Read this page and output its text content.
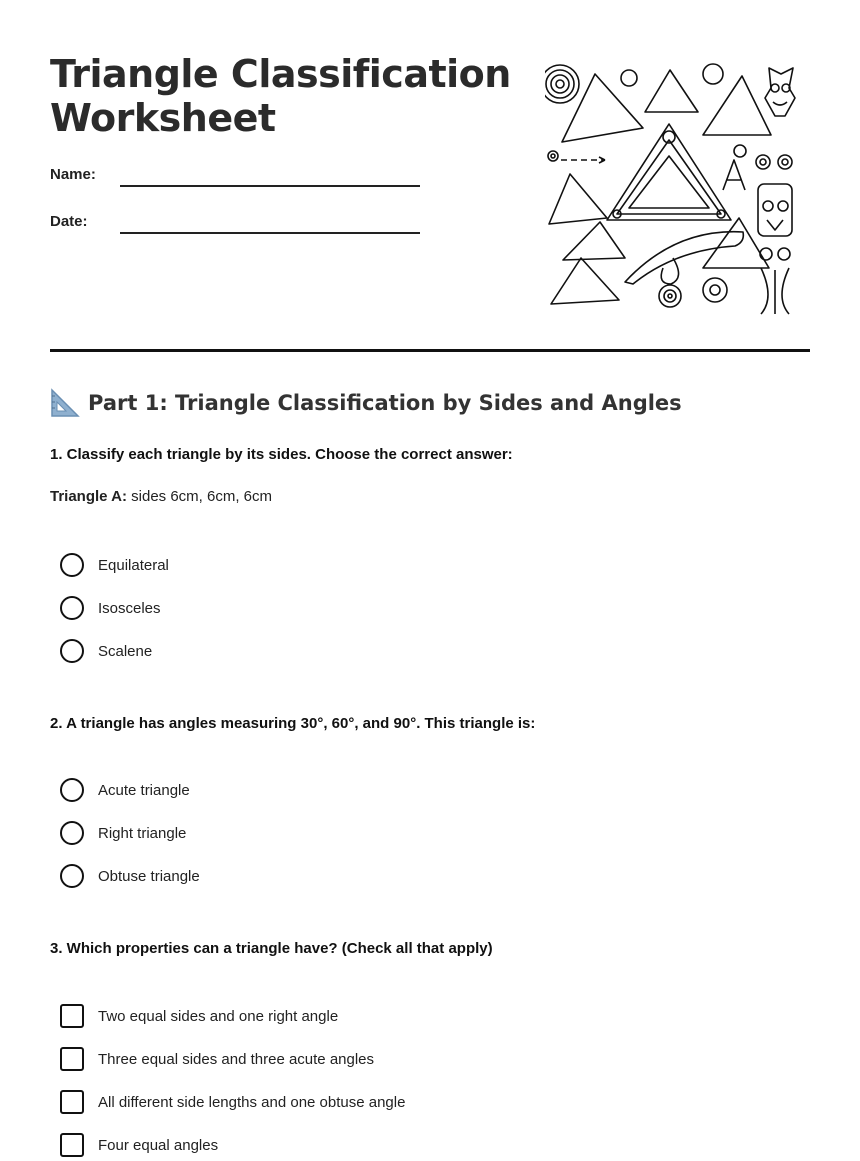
Triangle Classification Worksheet
Name:
Date:
Part 1: Triangle Classification by Sides and Angles
1. Classify each triangle by its sides. Choose the correct answer:
Triangle A: sides 6cm, 6cm, 6cm
Equilateral
Isosceles
Scalene
2. A triangle has angles measuring 30°, 60°, and 90°. This triangle is:
Acute triangle
Right triangle
Obtuse triangle
3. Which properties can a triangle have? (Check all that apply)
Two equal sides and one right angle
Three equal sides and three acute angles
All different side lengths and one obtuse angle
Four equal angles
